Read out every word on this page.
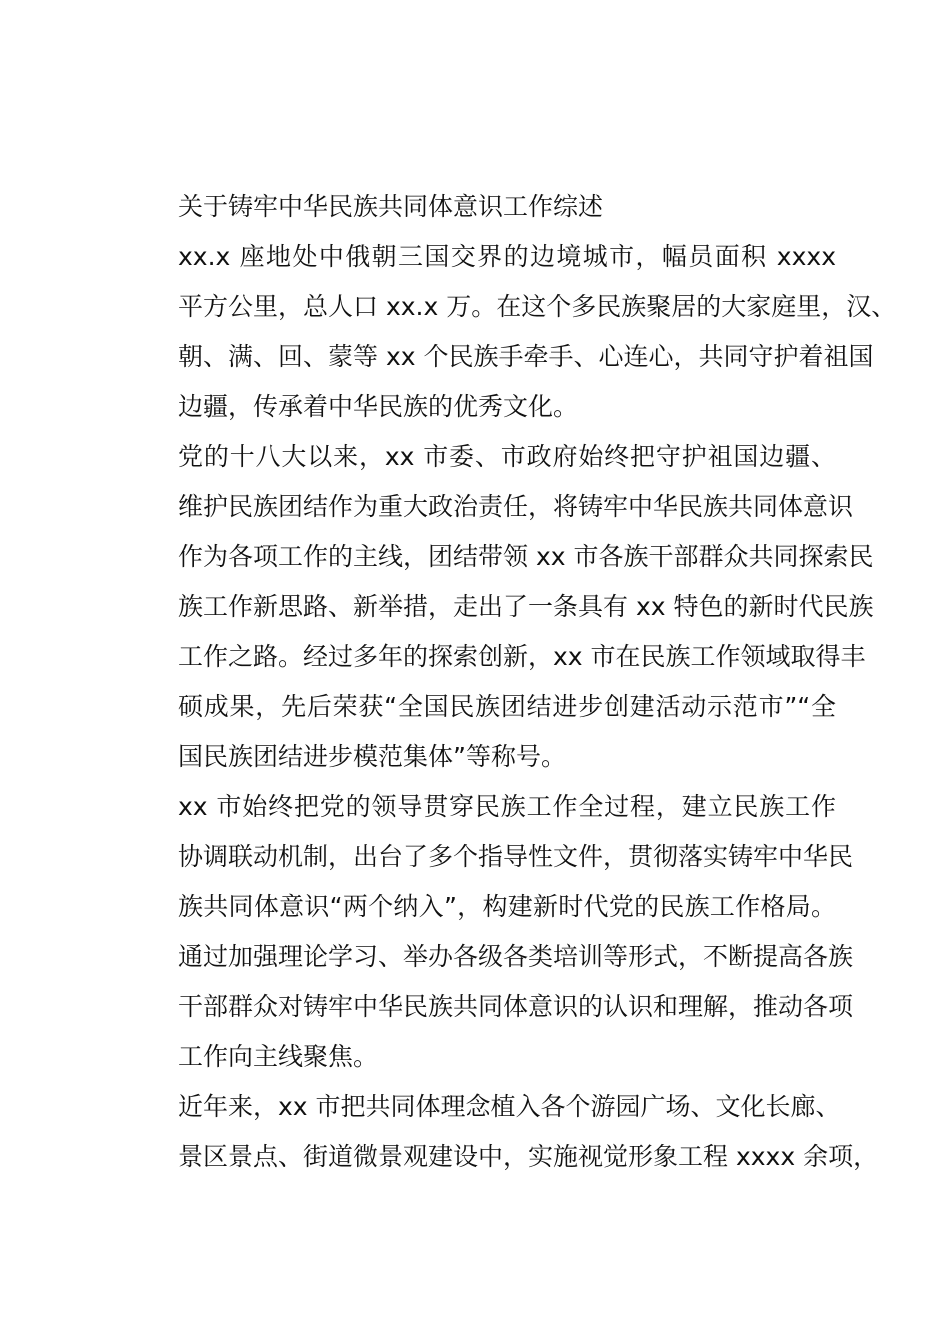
关于铸牢中华民族共同体意识工作综述

xx.x 座地处中俄朝三国交界的边境城市，幅员面积 xxxx
平方公里，总人口 xx.x 万。在这个多民族聚居的大家庭里，汉、
朝、满、回、蒙等 xx 个民族手牵手、心连心，共同守护着祖国
边疆，传承着中华民族的优秀文化。

党的十八大以来，xx 市委、市政府始终把守护祖国边疆、
维护民族团结作为重大政治责任，将铸牢中华民族共同体意识
作为各项工作的主线，团结带领 xx 市各族干部群众共同探索民
族工作新思路、新举措，走出了一条具有 xx 特色的新时代民族
工作之路。经过多年的探索创新，xx 市在民族工作领域取得丰
硕成果，先后荣获“全国民族团结进步创建活动示范市”“全
国民族团结进步模范集体”等称号。

xx 市始终把党的领导贯穿民族工作全过程，建立民族工作
协调联动机制，出台了多个指导性文件，贯彻落实铸牢中华民
族共同体意识“两个纳入”，构建新时代党的民族工作格局。
通过加强理论学习、举办各级各类培训等形式，不断提高各族
干部群众对铸牢中华民族共同体意识的认识和理解，推动各项
工作向主线聚焦。

近年来，xx 市把共同体理念植入各个游园广场、文化长廊、
景区景点、街道微景观建设中，实施视觉形象工程 xxxx 余项，
